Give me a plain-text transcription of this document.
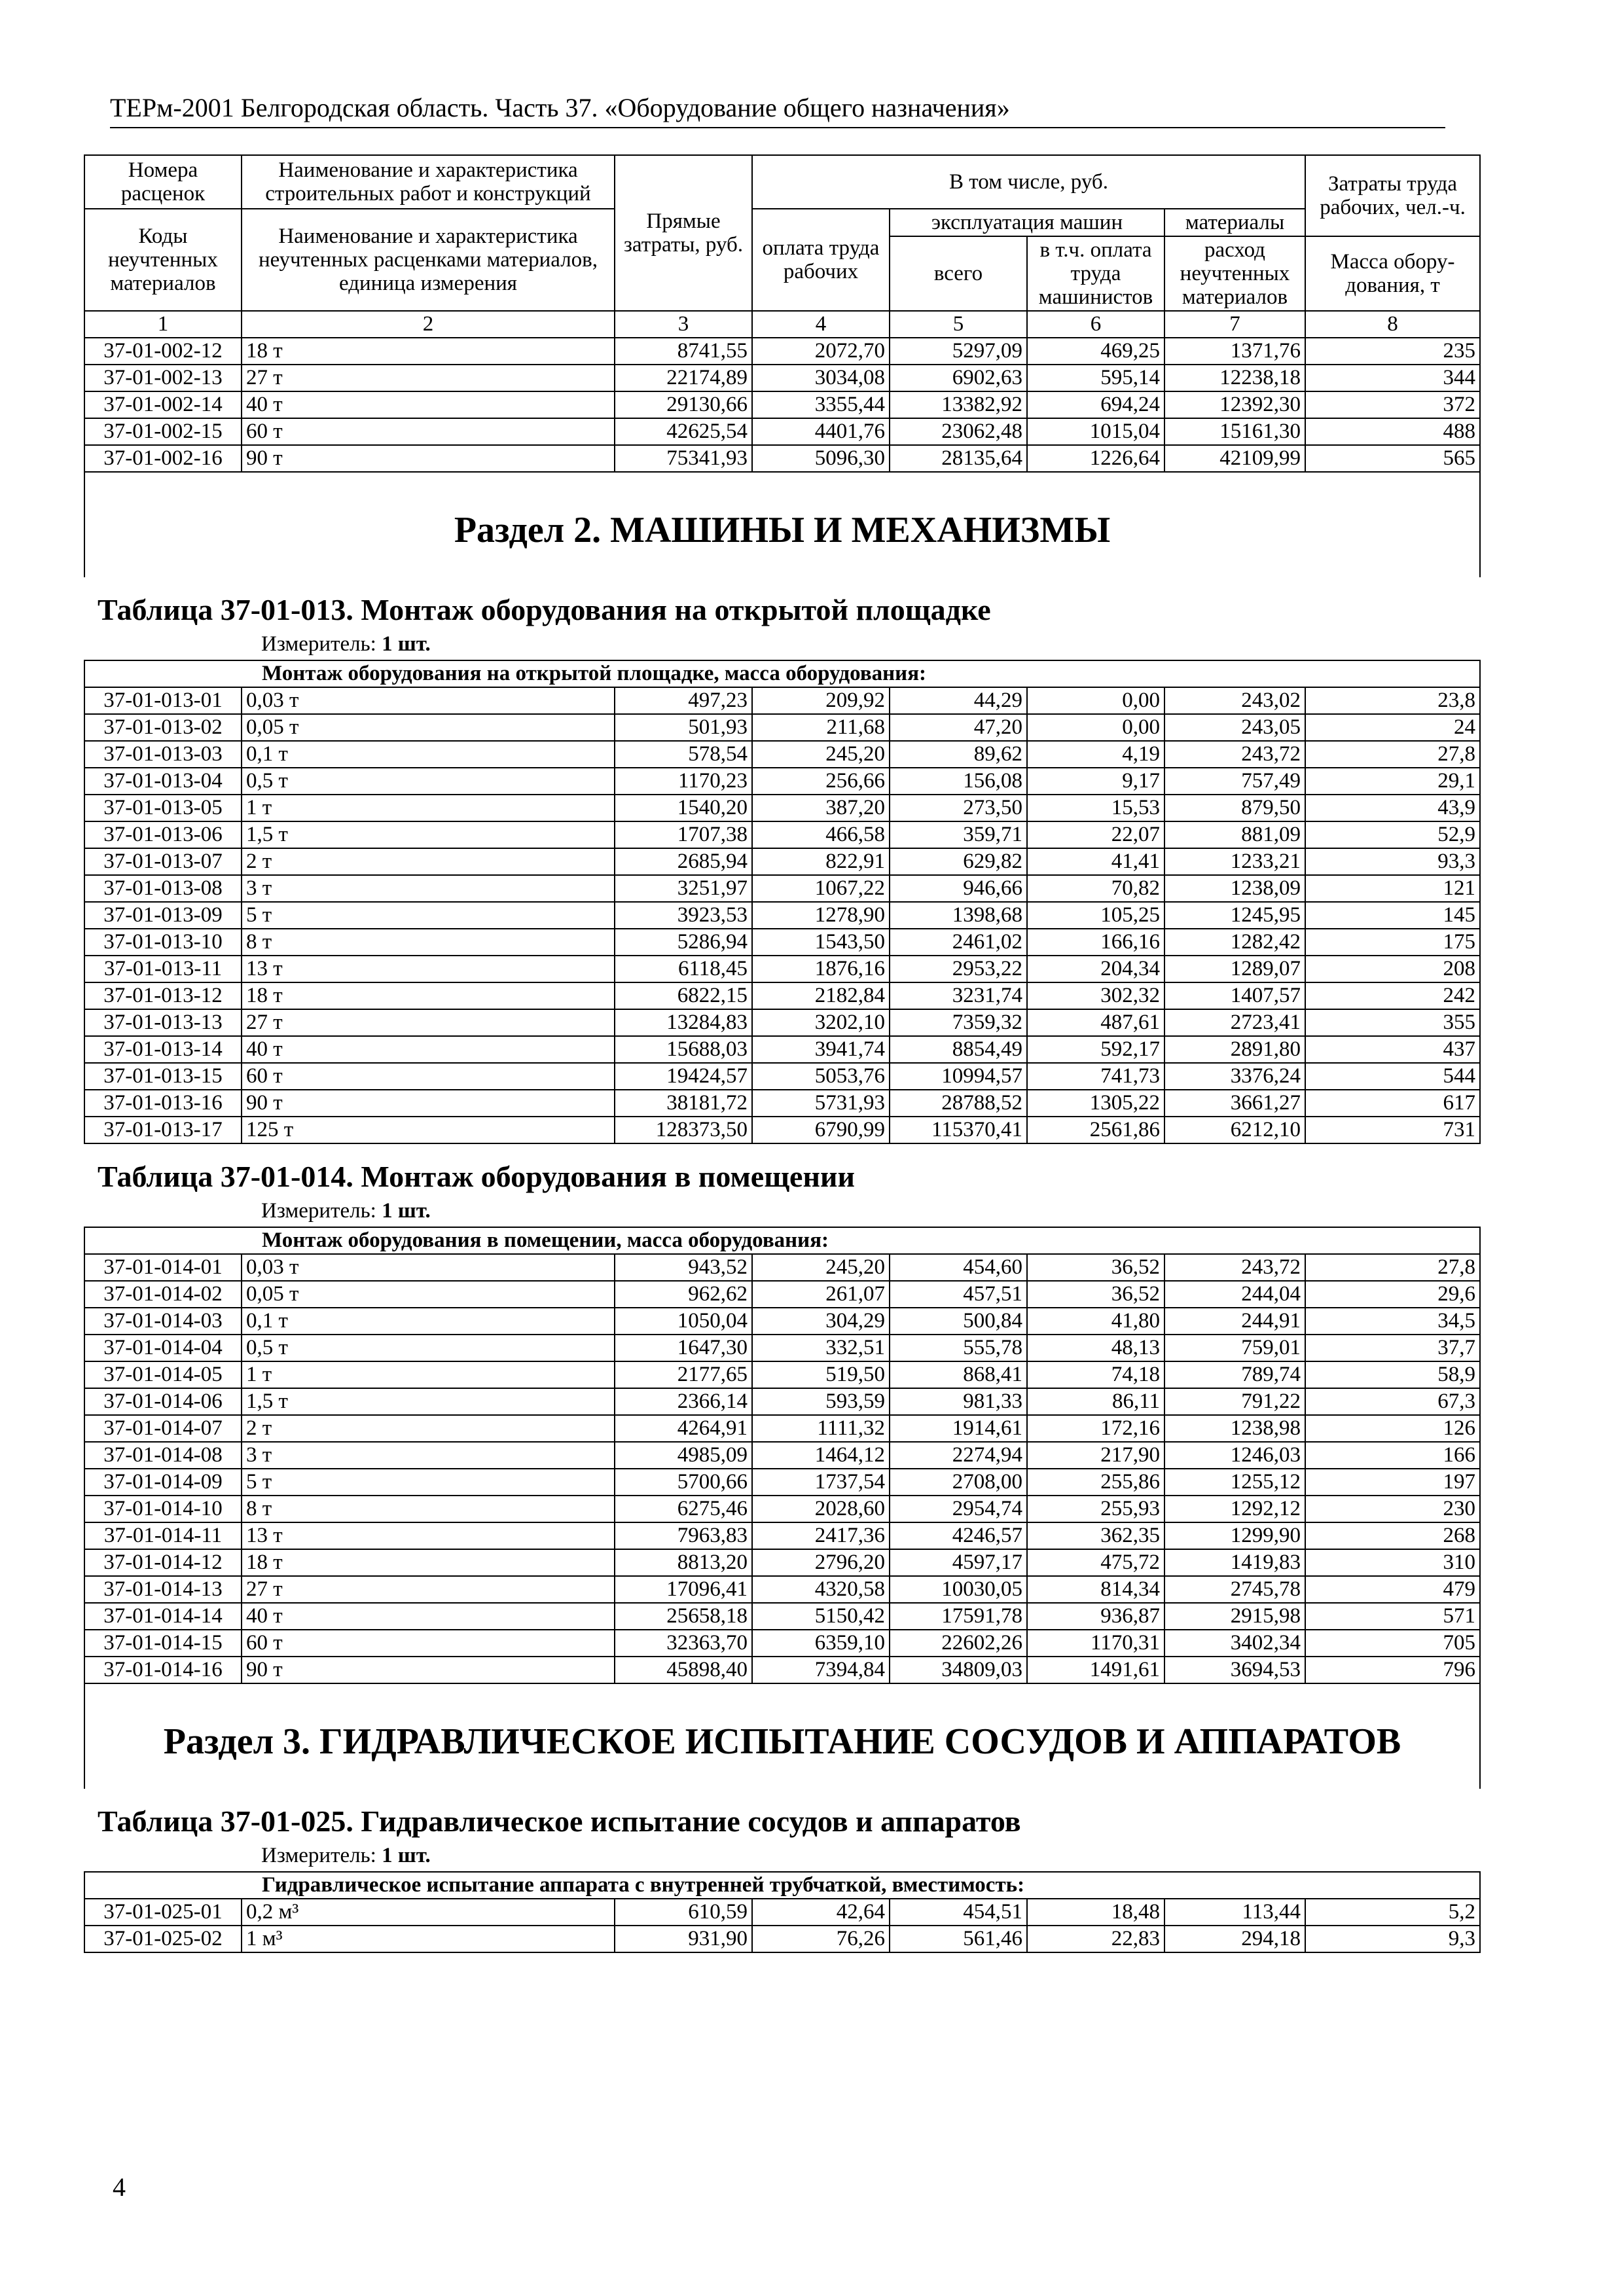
ТЕРм-2001 Белгородская область. Часть 37. «Оборудование общего назначения»
Номера расценок	Наименование и характеристика строительных работ и конструкций	Прямые затраты, руб.	В том числе, руб.				Затраты труда рабочих, чел.-ч.
Коды неучтенных материалов	Наименование и характеристика неучтенных расценками материалов, единица измерения		оплата труда рабочих	эксплуатация машин		материалы	
				всего	в т.ч. оплата труда машинистов	расход неучтенных материалов	
							Масса обору-дования, т
1	2	3	4	5	6	7	8
37-01-002-12	18 т	8741,55	2072,70	5297,09	469,25	1371,76	235
37-01-002-13	27 т	22174,89	3034,08	6902,63	595,14	12238,18	344
37-01-002-14	40 т	29130,66	3355,44	13382,92	694,24	12392,30	372
37-01-002-15	60 т	42625,54	4401,76	23062,48	1015,04	15161,30	488
37-01-002-16	90 т	75341,93	5096,30	28135,64	1226,64	42109,99	565
Раздел 2. МАШИНЫ И МЕХАНИЗМЫ							
Таблица 37-01-013. Монтаж оборудования на открытой площадке							
Измеритель: 1 шт.							
Монтаж оборудования на открытой площадке, масса оборудования:							
37-01-013-01	0,03 т	497,23	209,92	44,29	0,00	243,02	23,8
37-01-013-02	0,05 т	501,93	211,68	47,20	0,00	243,05	24
37-01-013-03	0,1 т	578,54	245,20	89,62	4,19	243,72	27,8
37-01-013-04	0,5 т	1170,23	256,66	156,08	9,17	757,49	29,1
37-01-013-05	1 т	1540,20	387,20	273,50	15,53	879,50	43,9
37-01-013-06	1,5 т	1707,38	466,58	359,71	22,07	881,09	52,9
37-01-013-07	2 т	2685,94	822,91	629,82	41,41	1233,21	93,3
37-01-013-08	3 т	3251,97	1067,22	946,66	70,82	1238,09	121
37-01-013-09	5 т	3923,53	1278,90	1398,68	105,25	1245,95	145
37-01-013-10	8 т	5286,94	1543,50	2461,02	166,16	1282,42	175
37-01-013-11	13 т	6118,45	1876,16	2953,22	204,34	1289,07	208
37-01-013-12	18 т	6822,15	2182,84	3231,74	302,32	1407,57	242
37-01-013-13	27 т	13284,83	3202,10	7359,32	487,61	2723,41	355
37-01-013-14	40 т	15688,03	3941,74	8854,49	592,17	2891,80	437
37-01-013-15	60 т	19424,57	5053,76	10994,57	741,73	3376,24	544
37-01-013-16	90 т	38181,72	5731,93	28788,52	1305,22	3661,27	617
37-01-013-17	125 т	128373,50	6790,99	115370,41	2561,86	6212,10	731

Таблица 37-01-014. Монтаж оборудования в помещении							
Измеритель: 1 шт.							
Монтаж оборудования в помещении, масса оборудования:							
37-01-014-01	0,03 т	943,52	245,20	454,60	36,52	243,72	27,8
37-01-014-02	0,05 т	962,62	261,07	457,51	36,52	244,04	29,6
37-01-014-03	0,1 т	1050,04	304,29	500,84	41,80	244,91	34,5
37-01-014-04	0,5 т	1647,30	332,51	555,78	48,13	759,01	37,7
37-01-014-05	1 т	2177,65	519,50	868,41	74,18	789,74	58,9
37-01-014-06	1,5 т	2366,14	593,59	981,33	86,11	791,22	67,3
37-01-014-07	2 т	4264,91	1111,32	1914,61	172,16	1238,98	126
37-01-014-08	3 т	4985,09	1464,12	2274,94	217,90	1246,03	166
37-01-014-09	5 т	5700,66	1737,54	2708,00	255,86	1255,12	197
37-01-014-10	8 т	6275,46	2028,60	2954,74	255,93	1292,12	230
37-01-014-11	13 т	7963,83	2417,36	4246,57	362,35	1299,90	268
37-01-014-12	18 т	8813,20	2796,20	4597,17	475,72	1419,83	310
37-01-014-13	27 т	17096,41	4320,58	10030,05	814,34	2745,78	479
37-01-014-14	40 т	25658,18	5150,42	17591,78	936,87	2915,98	571
37-01-014-15	60 т	32363,70	6359,10	22602,26	1170,31	3402,34	705
37-01-014-16	90 т	45898,40	7394,84	34809,03	1491,61	3694,53	796
Раздел 3. ГИДРАВЛИЧЕСКОЕ ИСПЫТАНИЕ СОСУДОВ И АППАРАТОВ							
Таблица 37-01-025. Гидравлическое испытание сосудов и аппаратов							
Измеритель: 1 шт.							
Гидравлическое испытание аппарата с внутренней трубчаткой, вместимость:							
37-01-025-01	0,2 м³	610,59	42,64	454,51	18,48	113,44	5,2
37-01-025-02	1 м³	931,90	76,26	561,46	22,83	294,18	9,3
4
